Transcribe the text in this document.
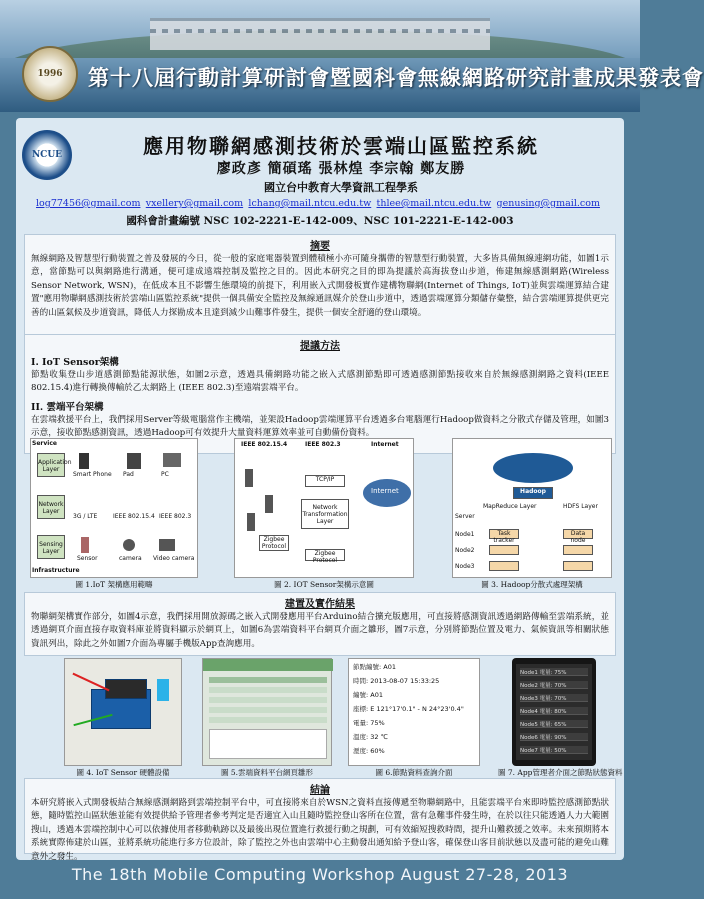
1996 第十八屆行動計算研討會暨國科會無線網路研究計畫成果發表會
NCUE	應用物聯網感測技術於雲端山區監控系統
廖政彥 簡碩瑤 張林煌 李宗翰 鄭友勝
國立台中教育大學資訊工程學系
log77456@gmail.com vxellery@gmail.com lchang@mail.ntcu.edu.tw thlee@mail.ntcu.edu.tw genusing@gmail.com
國科會計畫編號 NSC 102-2221-E-142-009、NSC 101-2221-E-142-003
摘要
無線網路及智慧型行動裝置之普及發展的今日，從一般的家庭電器裝置到體積極小亦可隨身攜帶的智慧型行動裝置，大多皆具備無線連網功能，如圖1示意，當節點可以與網路進行溝通，便可達成遠端控制及監控之目的。因此本研究之目的即為提議於高海拔登山步道，佈建無線感測網路(Wireless Sensor Network, WSN)，在低成本且不影響生態環境的前提下，利用嵌入式開發板實作建構物聯網(Internet of Things, IoT)並與雲端運算結合建置"應用物聯網感測技術於雲端山區監控系統"提供一個具備安全監控及無線通訊媒介於登山步道中，透過雲端運算分類儲存彙整，結合雲端運算提供更完善的山區氣候及步道資訊，降低人力探勘成本且達到減少山難事件發生，提供一個安全舒適的登山環境。
提議方法
I. IoT Sensor架構
節點收集登山步道感測節點能源狀態，如圖2示意，透過具備網路功能之嵌入式感測節點即可透過感測節點接收來自於無線感測網路之資料(IEEE 802.15.4)進行轉換傳輸於乙太網路上 (IEEE 802.3)至遠端雲端平台。
II. 雲端平台架構
在雲端救援平台上，我們採用Server等級電腦當作主機端，並架設Hadoop雲端運算平台透過多台電腦運行Hadoop做資料之分散式存儲及管理，如圖3示意，接收節點感測資訊，透過Hadoop可有效提升大量資料運算效率並可自動備份資料。
Service
Application Layer
Network Layer
Sensing Layer
Infrastructure
Smart Phone Pad	PC
3G / LTE	IEEE 802.15.4 IEEE 802.3
Sensor	camera Video camera
圖 1.IoT 架構應用範疇
IEEE 802.15.4	IEEE 802.3	Internet
TCP/IP
Network Transformation Layer
Zigbee Protocol
Zigbee Protocol
Internet
圖 2. IOT Sensor架構示意圖
Hadoop
MapReduce Layer	HDFS Layer
Server
Node1
Node2
Node3
Task tracker
Data node
圖 3. Hadoop分散式處理架構
建置及實作結果
物聯網架構實作部分，如圖4示意，我們採用開放源碼之嵌入式開發應用平台Arduino結合擴充版應用，可直接將感測資訊透過網路傳輸至雲端系統，並透過網頁介面直接存取資料庫並將資料顯示於網頁上，如圖6為雲端資料平台網頁介面之雛形，圖7示意，分別將節點位置及電力、氣候資訊等相關狀態資訊列出，除此之外如圖7介面為專屬手機版App查詢應用。
圖 4. IoT Sensor 硬體設備	圖 5.雲端資料平台網頁雛形
節點編號: A01
時間: 2013-08-07 15:33:25
編號: A01
座標: E 121°17'0.1" - N 24°23'0.4"
電量: 75%
溫度: 32 ℃
溼度: 60%
圖 6.節點資料查詢介面
Node1 電量: 75%
Node2 電量: 70%
Node3 電量: 70%
Node4 電量: 80%
Node5 電量: 65%
Node6 電量: 90%
Node7 電量: 50%
圖 7. App管理者介面之節點狀態資料
結論
本研究將嵌入式開發板結合無線感測網路到雲端控制平台中，可直接將來自於WSN之資料直接傳遞至物聯網路中，且能雲端平台來即時監控感測節點狀態，隨時監控山區狀態並能有效提供給予管理者參考判定是否適宜入山且隨時監控登山客所在位置，當有急難事件發生時，在於以往只能透過人力大範圍搜山，透過本雲端控制中心可以依據使用者移動軌跡以及最後出現位置進行救援行動之規劃，可有效縮短搜救時間，提升山難救援之效率。未來預期將本系統實際佈建於山區，並將系統功能進行多方位設計，除了監控之外也由雲端中心主動發出通知給予登山客，確保登山客目前狀態以及盡可能的避免山難意外之發生。
The 18th Mobile Computing Workshop August 27-28, 2013
